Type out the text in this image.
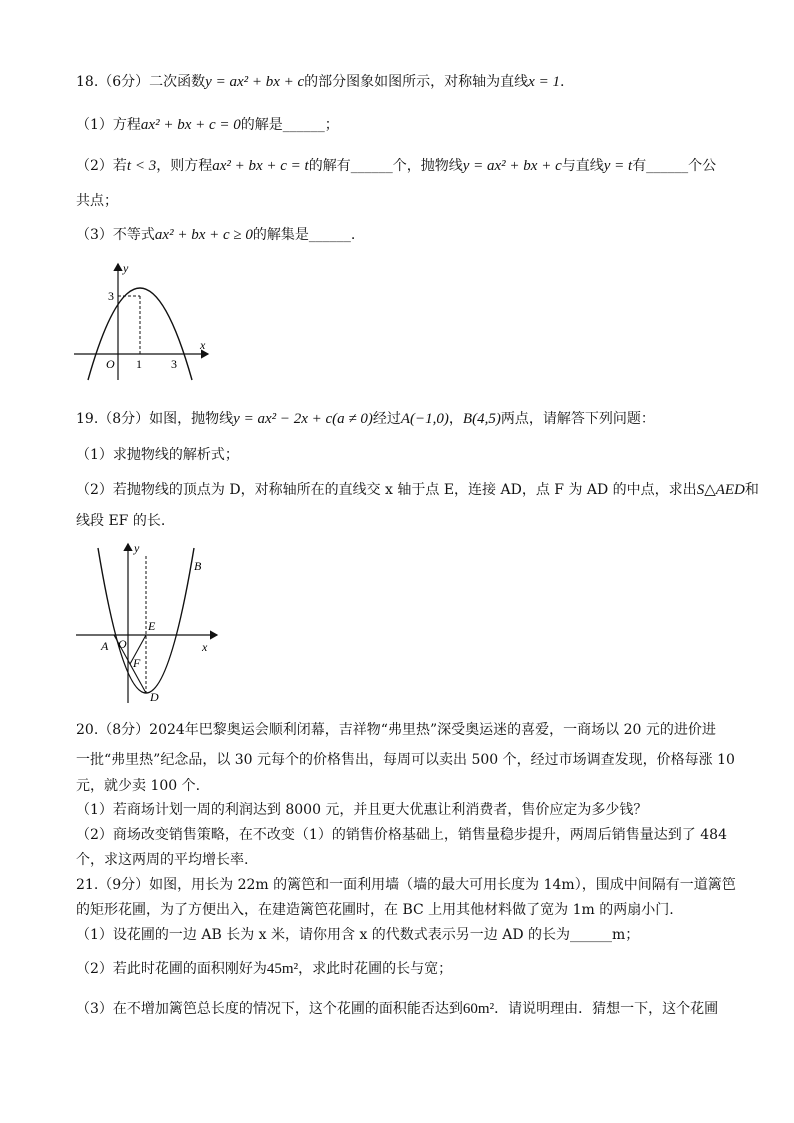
18.（6分）二次函数y = ax² + bx + c的部分图象如图所示，对称轴为直线x = 1.
（1）方程ax² + bx + c = 0的解是______；
（2）若t < 3，则方程ax² + bx + c = t的解有______个，抛物线y = ax² + bx + c与直线y = t有______个公
共点；
（3）不等式ax² + bx + c ≥ 0的解集是______.
y
x
O
3
1 3
19.（8分）如图，抛物线y = ax² − 2x + c(a ≠ 0)经过A(−1,0)，B(4,5)两点，请解答下列问题：
（1）求抛物线的解析式；
（2）若抛物线的顶点为 D，对称轴所在的直线交 x 轴于点 E，连接 AD，点 F 为 AD 的中点，求出S△AED和
线段 EF 的长.
y
x
B
E
A O
F
D
20.（8分）2024年巴黎奥运会顺利闭幕，吉祥物“弗里热”深受奥运迷的喜爱，一商场以 20 元的进价进
一批“弗里热”纪念品，以 30 元每个的价格售出，每周可以卖出 500 个，经过市场调查发现，价格每涨 10
元，就少卖 100 个.
（1）若商场计划一周的利润达到 8000 元，并且更大优惠让利消费者，售价应定为多少钱？
（2）商场改变销售策略，在不改变（1）的销售价格基础上，销售量稳步提升，两周后销售量达到了 484
个，求这两周的平均增长率.
21.（9分）如图，用长为 22m 的篱笆和一面利用墙（墙的最大可用长度为 14m），围成中间隔有一道篱笆
的矩形花圃，为了方便出入，在建造篱笆花圃时，在 BC 上用其他材料做了宽为 1m 的两扇小门.
（1）设花圃的一边 AB 长为 x 米，请你用含 x 的代数式表示另一边 AD 的长为______m；
（2）若此时花圃的面积刚好为45m²，求此时花圃的长与宽；
（3）在不增加篱笆总长度的情况下，这个花圃的面积能否达到60m²．请说明理由．猜想一下，这个花圃
